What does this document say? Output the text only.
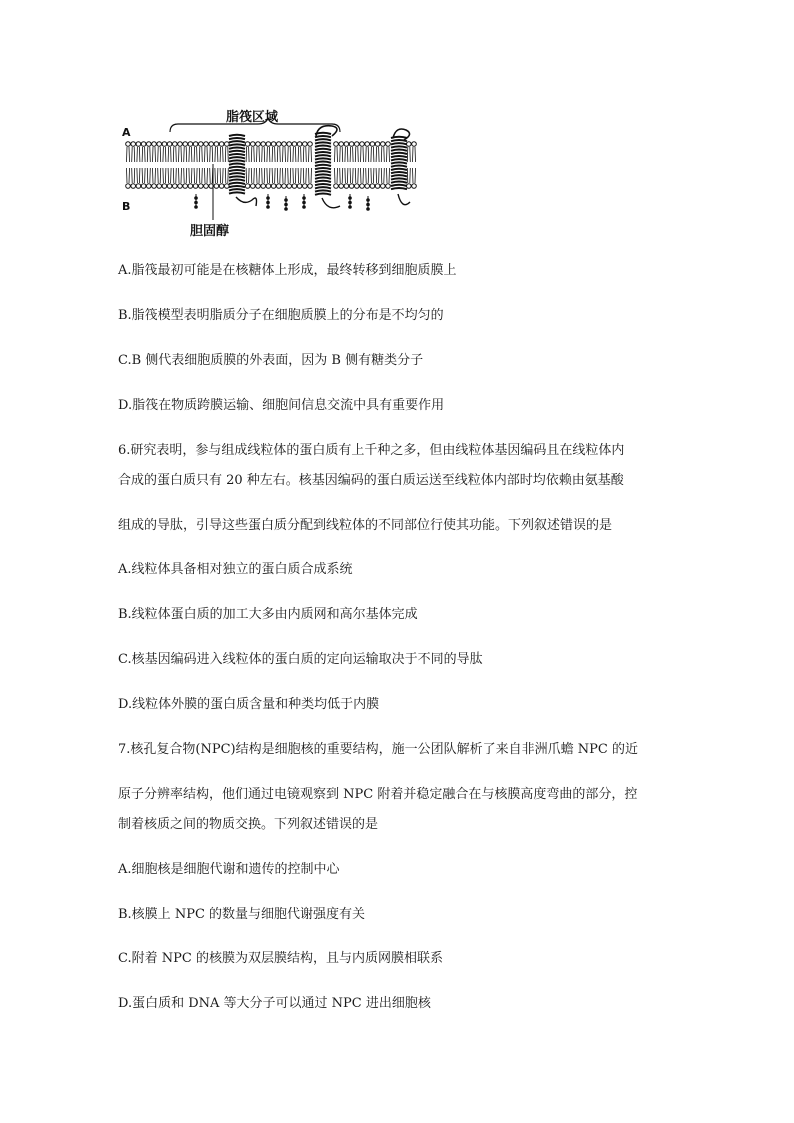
脂筏区域
A
B
胆固醇
A.脂筏最初可能是在核糖体上形成，最终转移到细胞质膜上
B.脂筏模型表明脂质分子在细胞质膜上的分布是不均匀的
C.B 侧代表细胞质膜的外表面，因为 B 侧有糖类分子
D.脂筏在物质跨膜运输、细胞间信息交流中具有重要作用
6.研究表明，参与组成线粒体的蛋白质有上千种之多，但由线粒体基因编码且在线粒体内
合成的蛋白质只有 20 种左右。核基因编码的蛋白质运送至线粒体内部时均依赖由氨基酸
组成的导肽，引导这些蛋白质分配到线粒体的不同部位行使其功能。下列叙述错误的是
A.线粒体具备相对独立的蛋白质合成系统
B.线粒体蛋白质的加工大多由内质网和高尔基体完成
C.核基因编码进入线粒体的蛋白质的定向运输取决于不同的导肽
D.线粒体外膜的蛋白质含量和种类均低于内膜
7.核孔复合物(NPC)结构是细胞核的重要结构，施一公团队解析了来自非洲爪蟾 NPC 的近
原子分辨率结构，他们通过电镜观察到 NPC 附着并稳定融合在与核膜高度弯曲的部分，控
制着核质之间的物质交换。下列叙述错误的是
A.细胞核是细胞代谢和遗传的控制中心
B.核膜上 NPC 的数量与细胞代谢强度有关
C.附着 NPC 的核膜为双层膜结构，且与内质网膜相联系
D.蛋白质和 DNA 等大分子可以通过 NPC 进出细胞核
